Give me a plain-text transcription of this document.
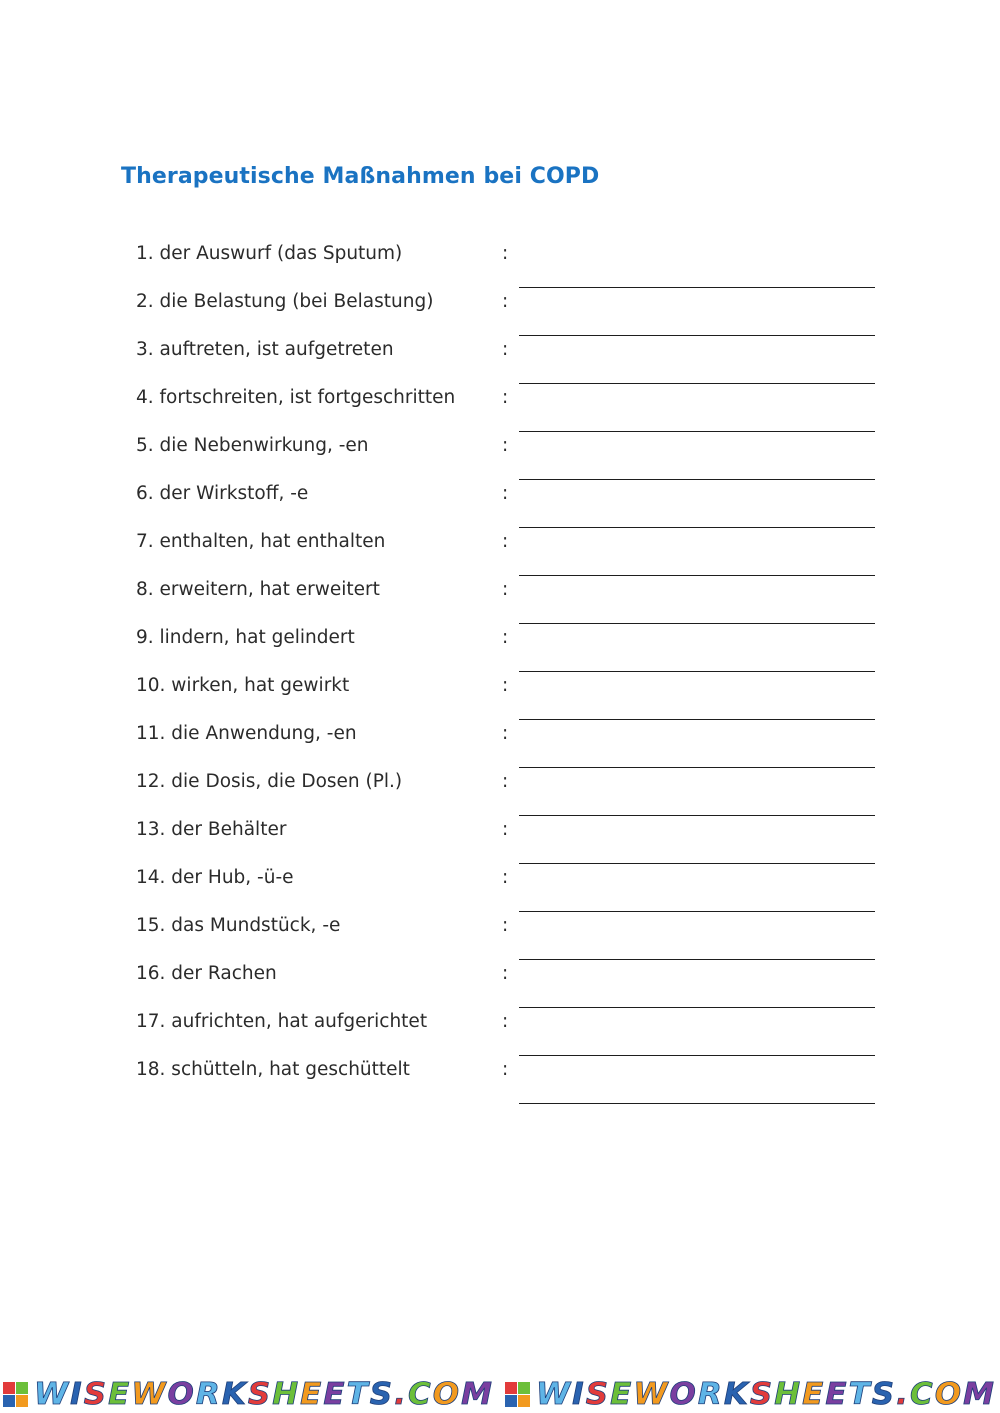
Therapeutische Maßnahmen bei COPD
1. der Auswurf (das Sputum)	:
2. die Belastung (bei Belastung)	:
3. auftreten, ist aufgetreten	:
4. fortschreiten, ist fortgeschritten	:
5. die Nebenwirkung, -en	:
6. der Wirkstoff, -e	:
7. enthalten, hat enthalten	:
8. erweitern, hat erweitert	:
9. lindern, hat gelindert	:
10. wirken, hat gewirkt	:
11. die Anwendung, -en	:
12. die Dosis, die Dosen (Pl.)	:
13. der Behälter	:
14. der Hub, -ü-e	:
15. das Mundstück, -e	:
16. der Rachen	:
17. aufrichten, hat aufgerichtet	:
18. schütteln, hat geschüttelt	:
WISEWORKSHEETS.COM WISEWORKSHEETS.COM
